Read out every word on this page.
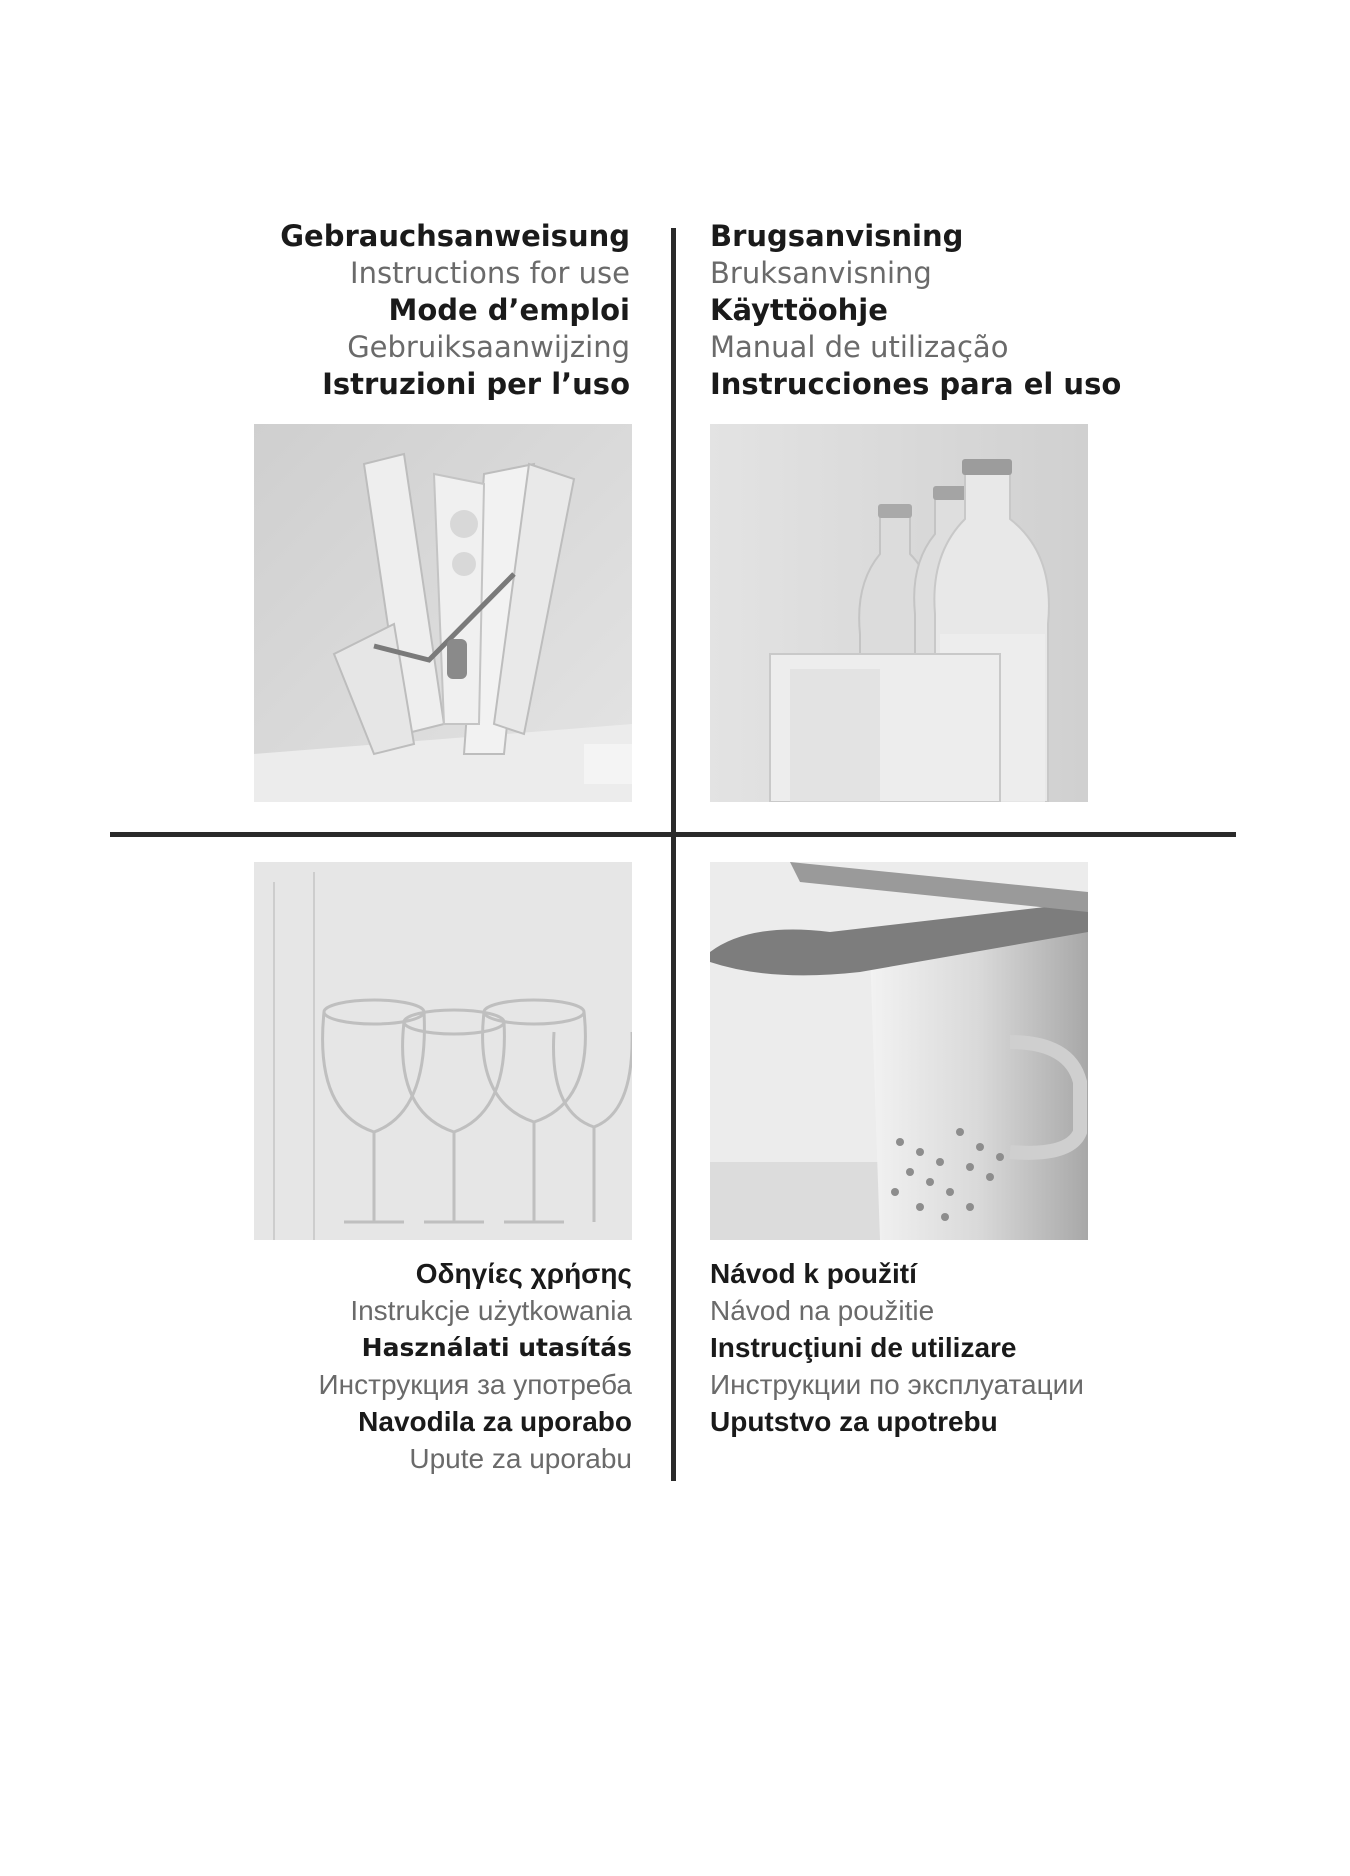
Gebrauchsanweisung
Instructions for use
Mode d’emploi
Gebruiksaanwijzing
Istruzioni per l’uso
Brugsanvisning
Bruksanvisning
Käyttöohje
Manual de utilização
Instrucciones para el uso
Οδηγίες χρήσης
Instrukcje użytkowania
Használati utasítás
Инструкция за употреба
Navodila za uporabo
Upute za uporabu
Návod k použití
Návod na použitie
Instrucţiuni de utilizare
Инструкции по эксплуатации
Uputstvo za upotrebu
